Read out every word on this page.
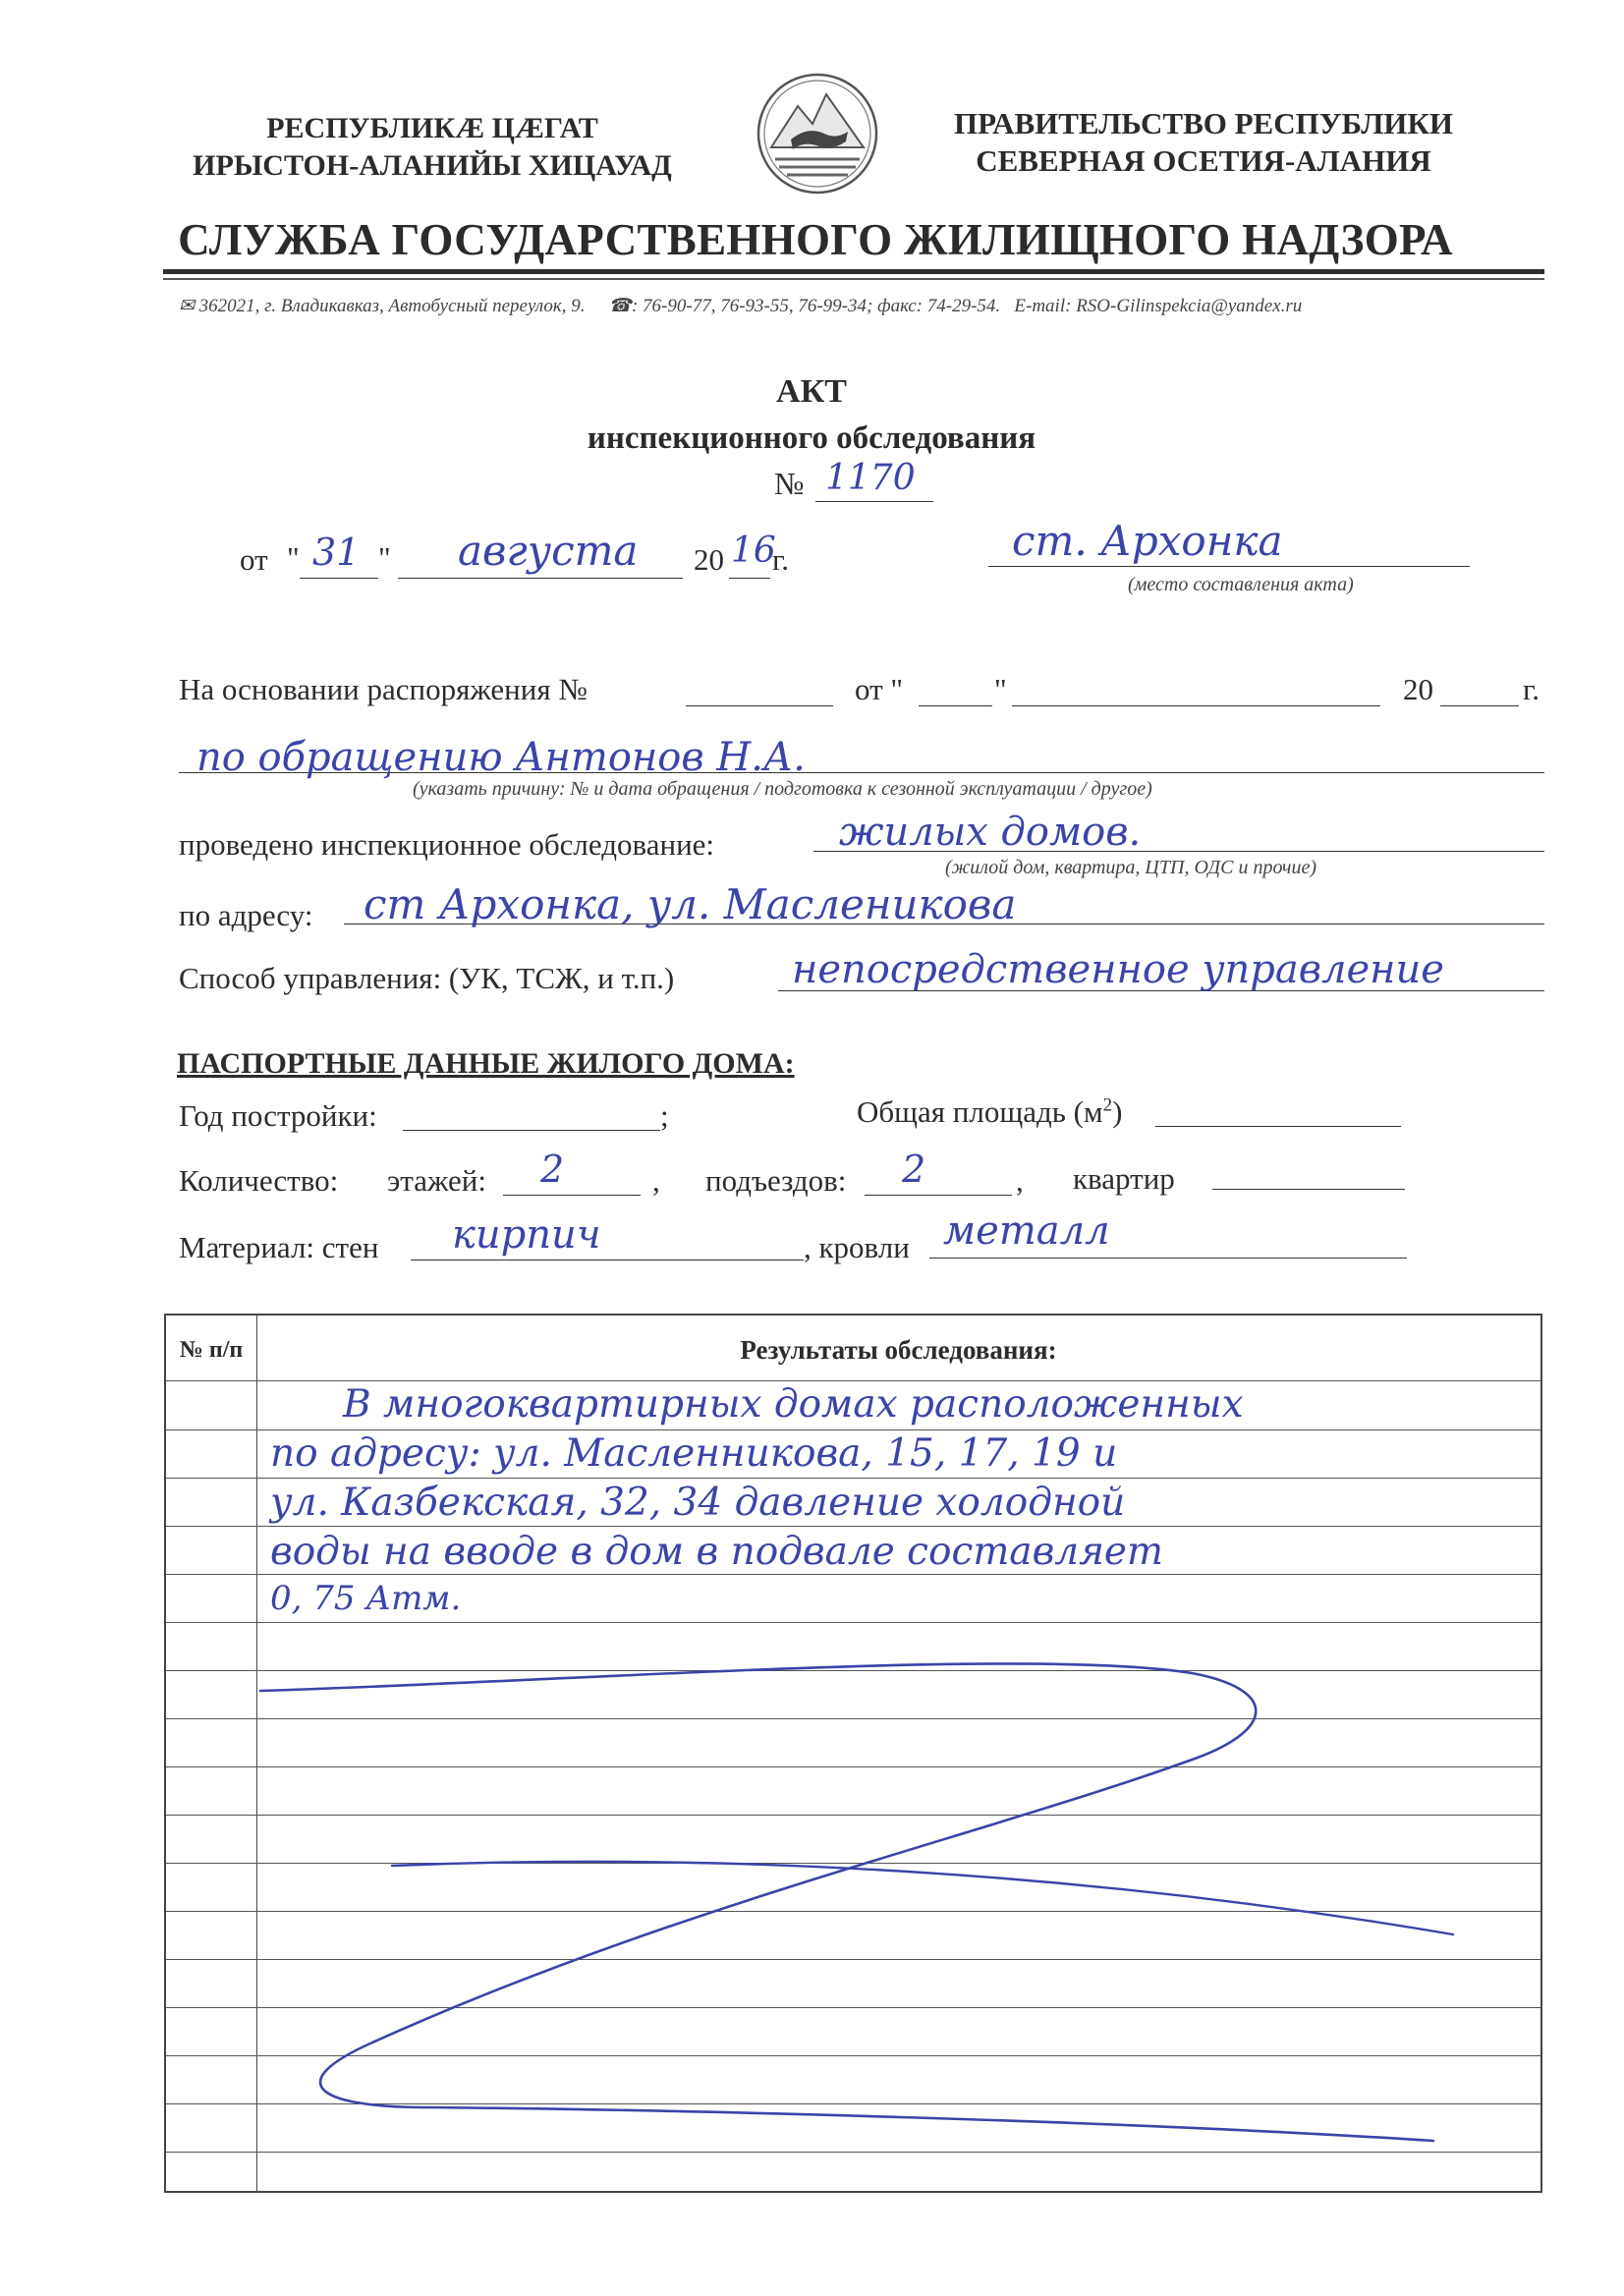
РЕСПУБЛИКӔ ЦӔГАТ
ИРЫСТОН-АЛАНИЙЫ ХИЦАУАД
ПРАВИТЕЛЬСТВО РЕСПУБЛИКИ
СЕВЕРНАЯ ОСЕТИЯ-АЛАНИЯ
СЛУЖБА ГОСУДАРСТВЕННОГО ЖИЛИЩНОГО НАДЗОРА
✉ 362021, г. Владикавказ, Автобусный переулок, 9. ☎: 76-90-77, 76-93-55, 76-99-34; факс: 74-29-54. E-mail: RSO-Gilinspekcia@yandex.ru
АКТ
инспекционного обследования
№ 1170
от " 31 " августа 20 16
г.	ст. Архонка
(место составления акта)
На основании распоряжения №	от "	"	20	г.
по обращению Антонов Н.А.
(указать причину: № и дата обращения / подготовка к сезонной эксплуатации / другое)
проведено инспекционное обследование:	жилых домов.
(жилой дом, квартира, ЦТП, ОДС и прочие)
по адресу: ст Архонка, ул. Масленикова
Способ управления: (УК, ТСЖ, и т.п.)	непосредственное управление
ПАСПОРТНЫЕ ДАННЫЕ ЖИЛОГО ДОМА:
Год постройки:	;	Общая площадь $(м^2)$
Количество: этажей: 2	, подъездов: 2	, квартир
Материал: стен кирпич	, кровли металл
№ п/п	Результаты обследования:
В многоквартирных домах расположенных
по адресу: ул. Масленникова, 15, 17, 19 и
ул. Казбекская, 32, 34 давление холодной
воды на вводе в дом в подвале составляет
0, 75 Атм.
